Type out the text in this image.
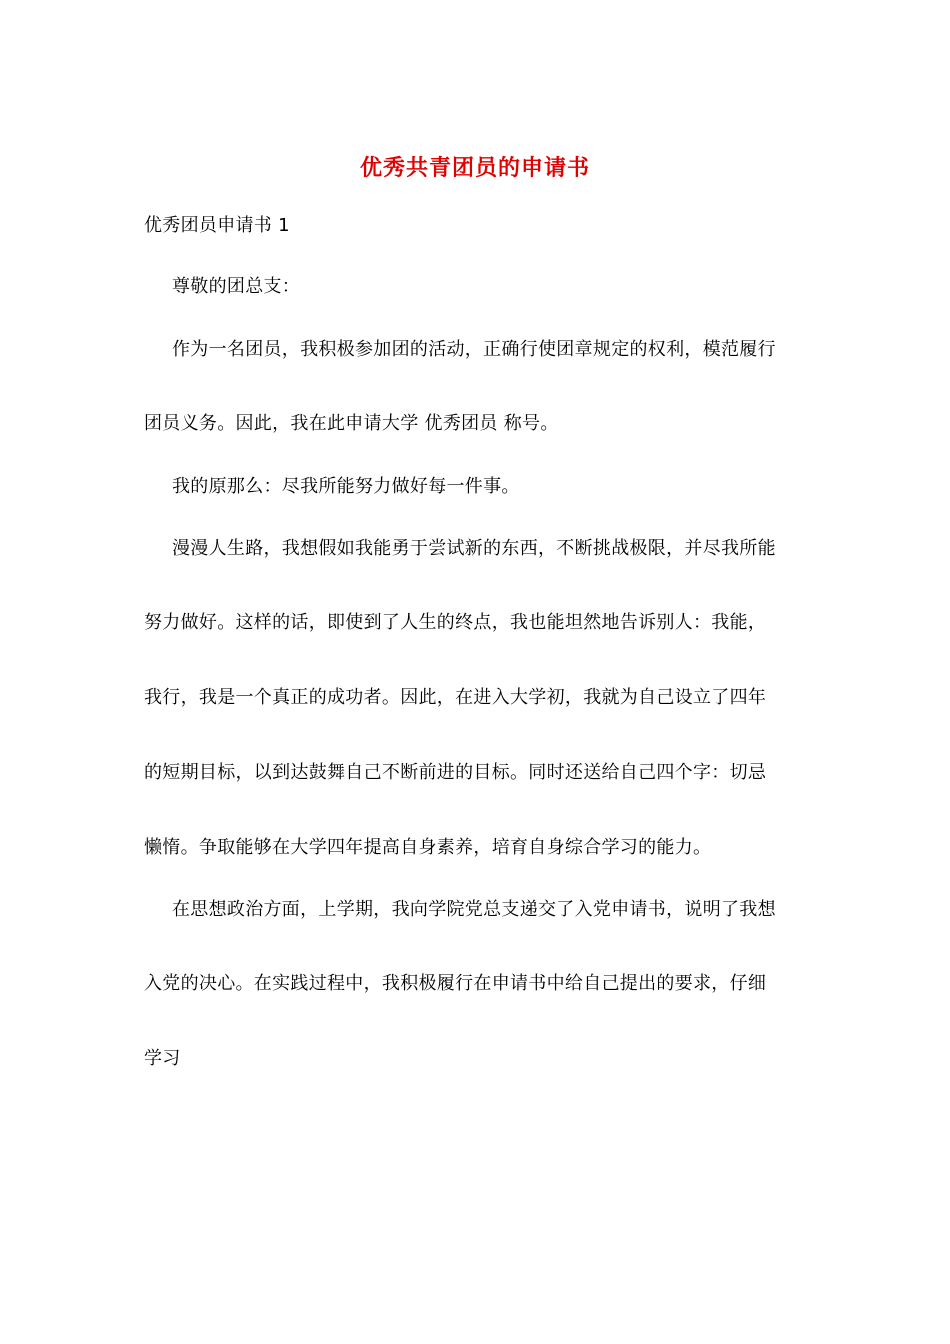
优秀共青团员的申请书
优秀团员申请书 1
尊敬的团总支：
作为一名团员，我积极参加团的活动，正确行使团章规定的权利，模范履行
团员义务。因此，我在此申请大学 优秀团员 称号。
我的原那么：尽我所能努力做好每一件事。
漫漫人生路，我想假如我能勇于尝试新的东西，不断挑战极限，并尽我所能
努力做好。这样的话，即使到了人生的终点，我也能坦然地告诉别人：我能，
我行，我是一个真正的成功者。因此，在进入大学初，我就为自己设立了四年
的短期目标，以到达鼓舞自己不断前进的目标。同时还送给自己四个字：切忌
懒惰。争取能够在大学四年提高自身素养，培育自身综合学习的能力。
在思想政治方面，上学期，我向学院党总支递交了入党申请书，说明了我想
入党的决心。在实践过程中，我积极履行在申请书中给自己提出的要求，仔细
学习
